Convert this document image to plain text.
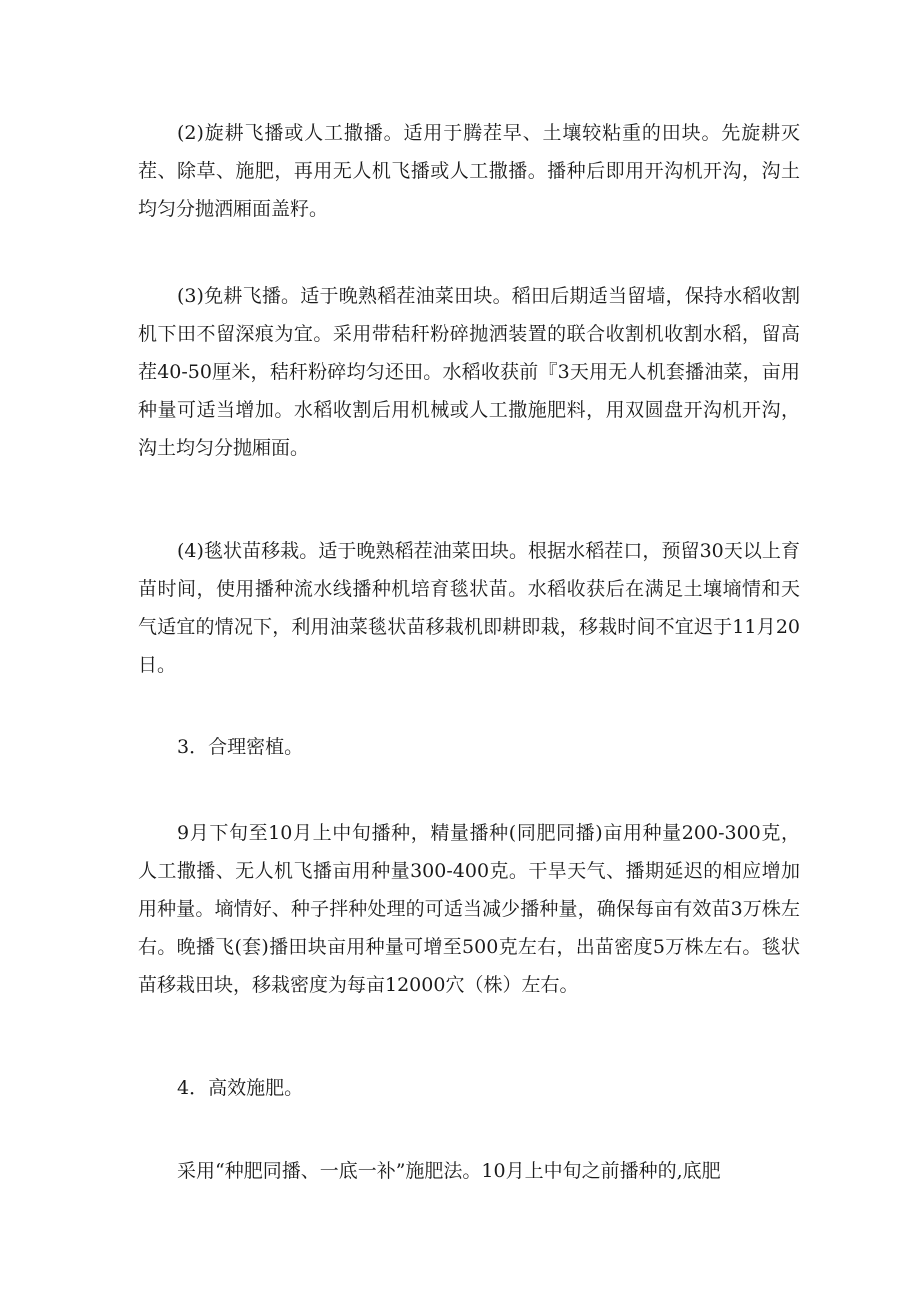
(2)旋耕飞播或人工撒播。适用于腾茬早、土壤较粘重的田块。先旋耕灭茬、除草、施肥，再用无人机飞播或人工撒播。播种后即用开沟机开沟，沟土均匀分抛洒厢面盖籽。

(3)免耕飞播。适于晚熟稻茬油菜田块。稻田后期适当留墙，保持水稻收割机下田不留深痕为宜。采用带秸秆粉碎抛洒装置的联合收割机收割水稻，留高茬40-50厘米，秸秆粉碎均匀还田。水稻收获前『3天用无人机套播油菜，亩用种量可适当增加。水稻收割后用机械或人工撒施肥料，用双圆盘开沟机开沟，沟土均匀分抛厢面。

(4)毯状苗移栽。适于晚熟稻茬油菜田块。根据水稻茬口，预留30天以上育苗时间，使用播种流水线播种机培育毯状苗。水稻收获后在满足土壤墒情和天气适宜的情况下，利用油菜毯状苗移栽机即耕即栽，移栽时间不宜迟于11月20日。

3．合理密植。

9月下旬至10月上中旬播种，精量播种(同肥同播)亩用种量200-300克，人工撒播、无人机飞播亩用种量300-400克。干旱天气、播期延迟的相应增加用种量。墒情好、种子拌种处理的可适当减少播种量，确保每亩有效苗3万株左右。晚播飞(套)播田块亩用种量可增至500克左右，出苗密度5万株左右。毯状苗移栽田块，移栽密度为每亩12000穴（株）左右。

4．高效施肥。

采用“种肥同播、一底一补”施肥法。10月上中旬之前播种的,底肥
